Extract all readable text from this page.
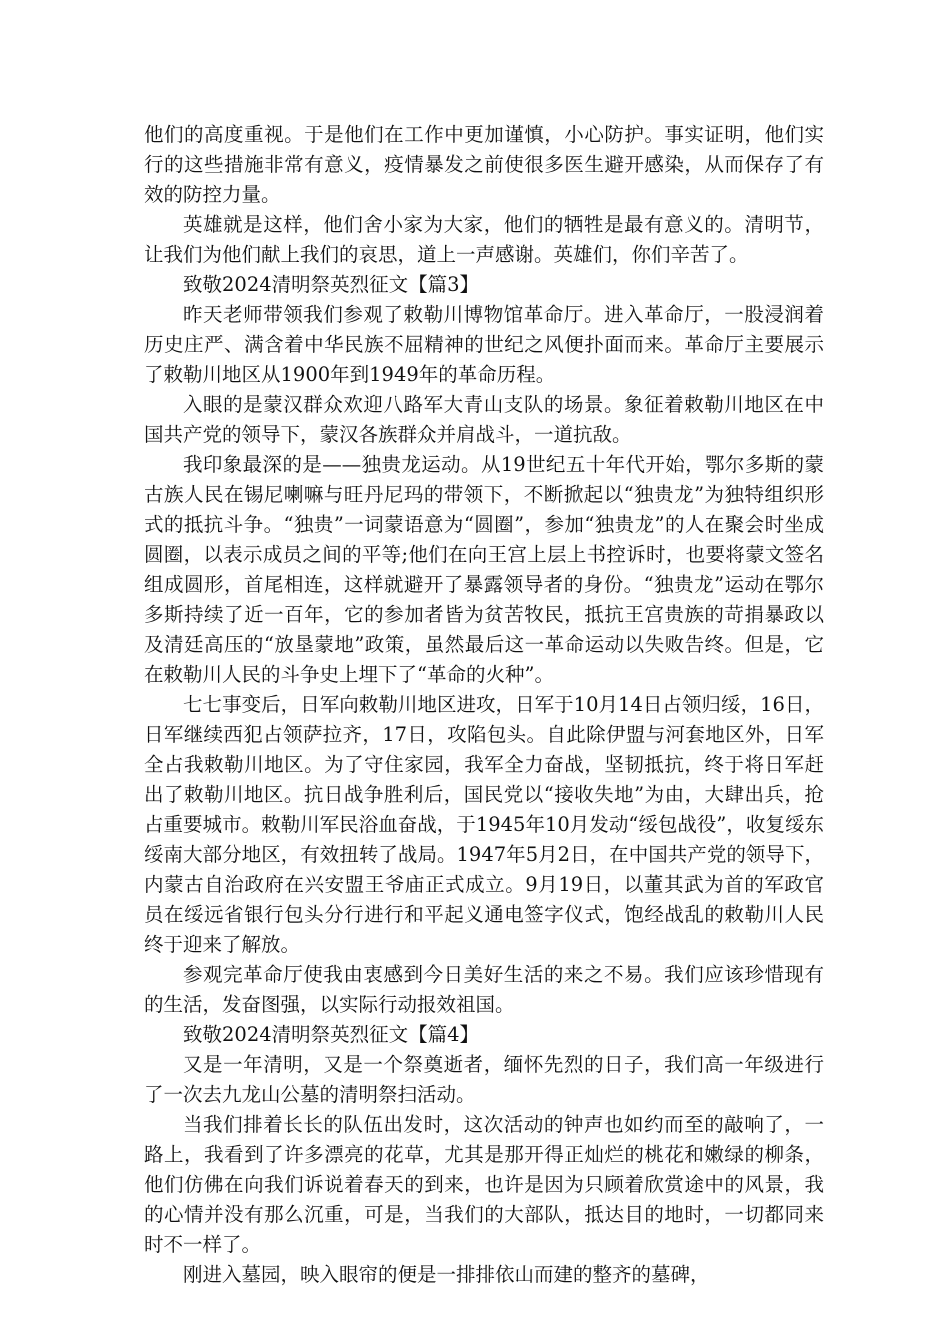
他们的高度重视。于是他们在工作中更加谨慎，小心防护。事实证明，他们实行的这些措施非常有意义，疫情暴发之前使很多医生避开感染，从而保存了有效的防控力量。

英雄就是这样，他们舍小家为大家，他们的牺牲是最有意义的。清明节，让我们为他们献上我们的哀思，道上一声感谢。英雄们，你们辛苦了。

致敬2024清明祭英烈征文【篇3】

昨天老师带领我们参观了敕勒川博物馆革命厅。进入革命厅，一股浸润着历史庄严、满含着中华民族不屈精神的世纪之风便扑面而来。革命厅主要展示了敕勒川地区从1900年到1949年的革命历程。

入眼的是蒙汉群众欢迎八路军大青山支队的场景。象征着敕勒川地区在中国共产党的领导下，蒙汉各族群众并肩战斗，一道抗敌。

我印象最深的是——独贵龙运动。从19世纪五十年代开始，鄂尔多斯的蒙古族人民在锡尼喇嘛与旺丹尼玛的带领下，不断掀起以“独贵龙”为独特组织形式的抵抗斗争。“独贵”一词蒙语意为“圆圈”，参加“独贵龙”的人在聚会时坐成圆圈，以表示成员之间的平等;他们在向王宫上层上书控诉时，也要将蒙文签名组成圆形，首尾相连，这样就避开了暴露领导者的身份。“独贵龙”运动在鄂尔多斯持续了近一百年，它的参加者皆为贫苦牧民，抵抗王宫贵族的苛捐暴政以及清廷高压的“放垦蒙地”政策，虽然最后这一革命运动以失败告终。但是，它在敕勒川人民的斗争史上埋下了“革命的火种”。

七七事变后，日军向敕勒川地区进攻，日军于10月14日占领归绥，16日，日军继续西犯占领萨拉齐，17日，攻陷包头。自此除伊盟与河套地区外，日军全占我敕勒川地区。为了守住家园，我军全力奋战，坚韧抵抗，终于将日军赶出了敕勒川地区。抗日战争胜利后，国民党以“接收失地”为由，大肆出兵，抢占重要城市。敕勒川军民浴血奋战，于1945年10月发动“绥包战役”，收复绥东绥南大部分地区，有效扭转了战局。1947年5月2日，在中国共产党的领导下，内蒙古自治政府在兴安盟王爷庙正式成立。9月19日，以董其武为首的军政官员在绥远省银行包头分行进行和平起义通电签字仪式，饱经战乱的敕勒川人民终于迎来了解放。

参观完革命厅使我由衷感到今日美好生活的来之不易。我们应该珍惜现有的生活，发奋图强，以实际行动报效祖国。

致敬2024清明祭英烈征文【篇4】

又是一年清明，又是一个祭奠逝者，缅怀先烈的日子，我们高一年级进行了一次去九龙山公墓的清明祭扫活动。

当我们排着长长的队伍出发时，这次活动的钟声也如约而至的敲响了，一路上，我看到了许多漂亮的花草，尤其是那开得正灿烂的桃花和嫩绿的柳条，他们仿佛在向我们诉说着春天的到来，也许是因为只顾着欣赏途中的风景，我的心情并没有那么沉重，可是，当我们的大部队，抵达目的地时，一切都同来时不一样了。

刚进入墓园，映入眼帘的便是一排排依山而建的整齐的墓碑，
